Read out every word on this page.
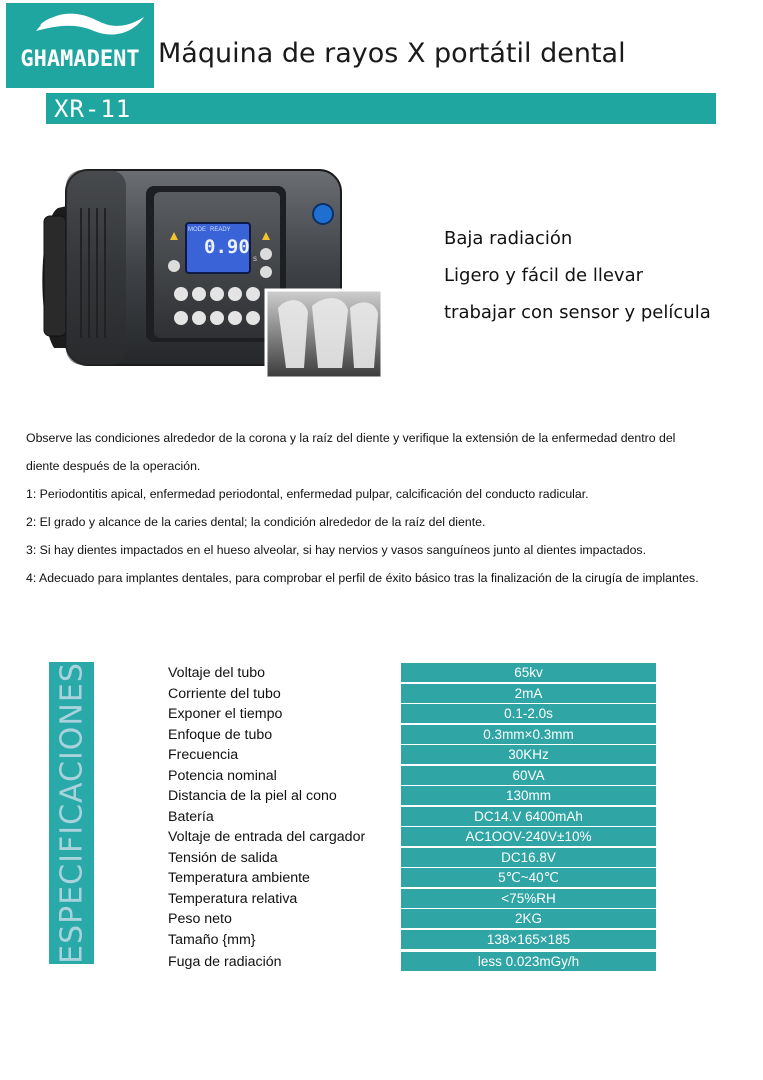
GHAMADENT Máquina de rayos X portátil dental
XR-11
MODE READY
0.90
s
Baja radiación
Ligero y fácil de llevar
trabajar con sensor y película
Observe las condiciones alrededor de la corona y la raíz del diente y verifique la extensión de la enfermedad dentro del
diente después de la operación.
1: Periodontitis apical, enfermedad periodontal, enfermedad pulpar, calcificación del conducto radicular.
2: El grado y alcance de la caries dental; la condición alrededor de la raíz del diente.
3: Si hay dientes impactados en el hueso alveolar, si hay nervios y vasos sanguíneos junto al dientes impactados.
4: Adecuado para implantes dentales, para comprobar el perfil de éxito básico tras la finalización de la cirugía de implantes.
ESPECIFICACIONES	Voltaje del tubo	65kv
Corriente del tubo	2mA
Exponer el tiempo	0.1-2.0s
Enfoque de tubo	0.3mm×0.3mm
Frecuencia	30KHz
Potencia nominal	60VA
Distancia de la piel al cono	130mm
Batería	DC14.V 6400mAh
Voltaje de entrada del cargador	AC1OOV-240V±10%
Tensión de salida	DC16.8V
Temperatura ambiente	5℃~40℃
Temperatura relativa	<75%RH
Peso neto	2KG
Tamaño {mm}	138×165×185
Fuga de radiación	less 0.023mGy/h
